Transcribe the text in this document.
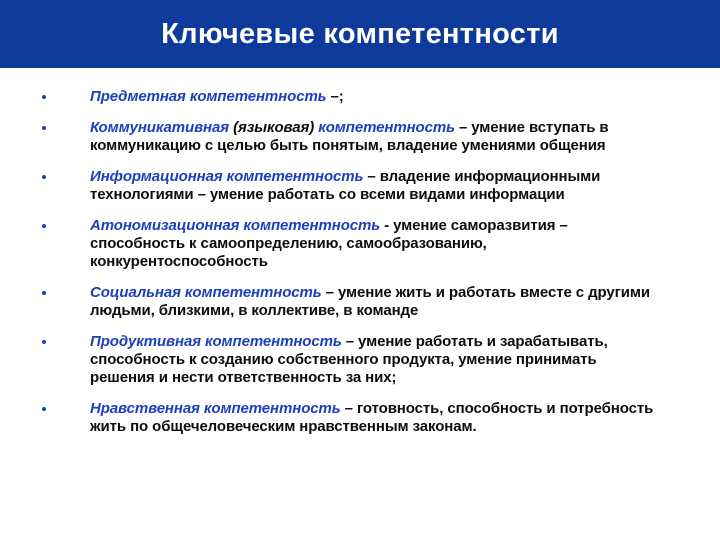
Ключевые компетентности

Предметная компетентность –;

Коммуникативная (языковая) компетентность – умение вступать в коммуникацию с целью быть понятым, владение умениями общения

Информационная компетентность – владение информационными технологиями – умение работать со всеми видами информации

Атономизационная компетентность - умение саморазвития – способность к самоопределению, самообразованию, конкурентоспособность

Социальная компетентность – умение жить и работать вместе с другими людьми, близкими, в коллективе, в команде

Продуктивная компетентность – умение работать и зарабатывать, способность к созданию собственного продукта, умение принимать решения и нести ответственность за них;

Нравственная компетентность – готовность, способность и потребность жить по общечеловеческим нравственным законам.
